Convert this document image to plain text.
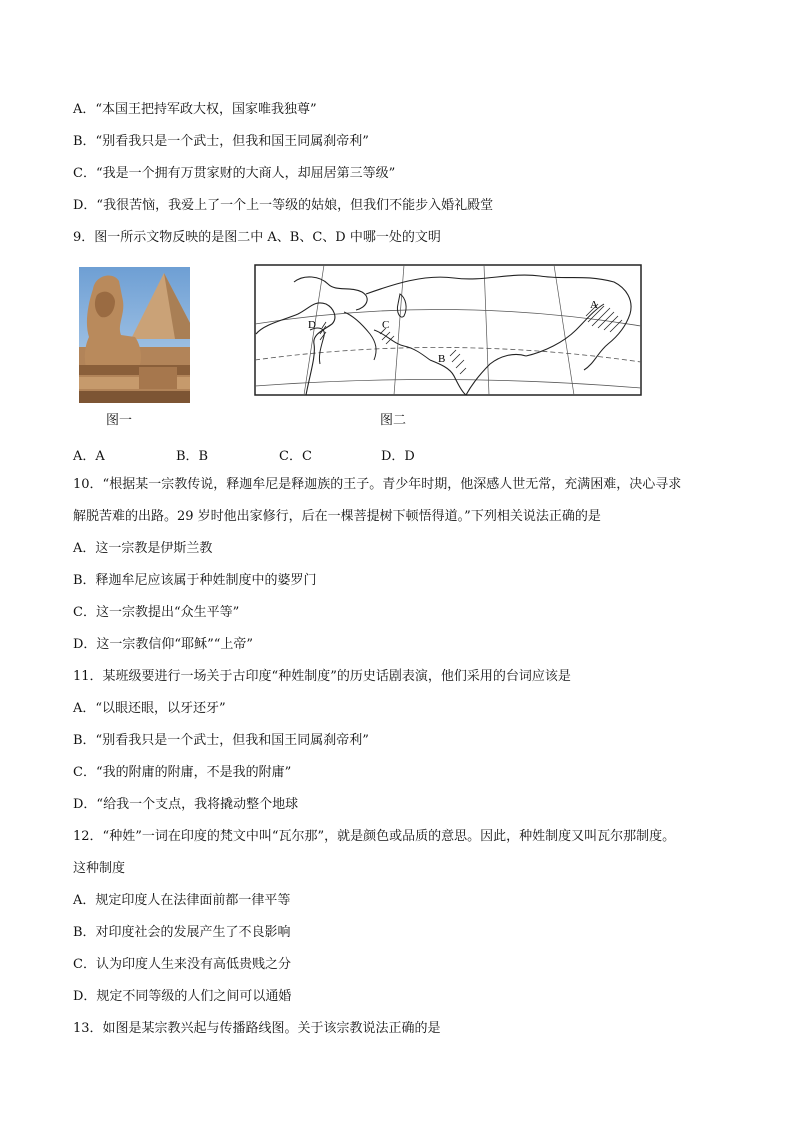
A．“本国王把持军政大权，国家唯我独尊”
B．“别看我只是一个武士，但我和国王同属刹帝利”
C．“我是一个拥有万贯家财的大商人，却屈居第三等级”
D．“我很苦恼，我爱上了一个上一等级的姑娘，但我们不能步入婚礼殿堂
9．图一所示文物反映的是图二中 A、B、C、D 中哪一处的文明
D	C
B
A
图一	图二
A．A	B．B	C．C	D．D
10．“根据某一宗教传说，释迦牟尼是释迦族的王子。青少年时期，他深感人世无常，充满困难，决心寻求
解脱苦难的出路。29 岁时他出家修行，后在一棵菩提树下顿悟得道。”下列相关说法正确的是
A．这一宗教是伊斯兰教
B．释迦牟尼应该属于种姓制度中的婆罗门
C．这一宗教提出“众生平等”
D．这一宗教信仰“耶稣”“上帝”
11．某班级要进行一场关于古印度“种姓制度”的历史话剧表演，他们采用的台词应该是
A．“以眼还眼，以牙还牙”
B．“别看我只是一个武士，但我和国王同属刹帝利”
C．“我的附庸的附庸，不是我的附庸”
D．“给我一个支点，我将撬动整个地球
12．“种姓”一词在印度的梵文中叫“瓦尔那”，就是颜色或品质的意思。因此，种姓制度又叫瓦尔那制度。
这种制度
A．规定印度人在法律面前都一律平等
B．对印度社会的发展产生了不良影响
C．认为印度人生来没有高低贵贱之分
D．规定不同等级的人们之间可以通婚
13．如图是某宗教兴起与传播路线图。关于该宗教说法正确的是
